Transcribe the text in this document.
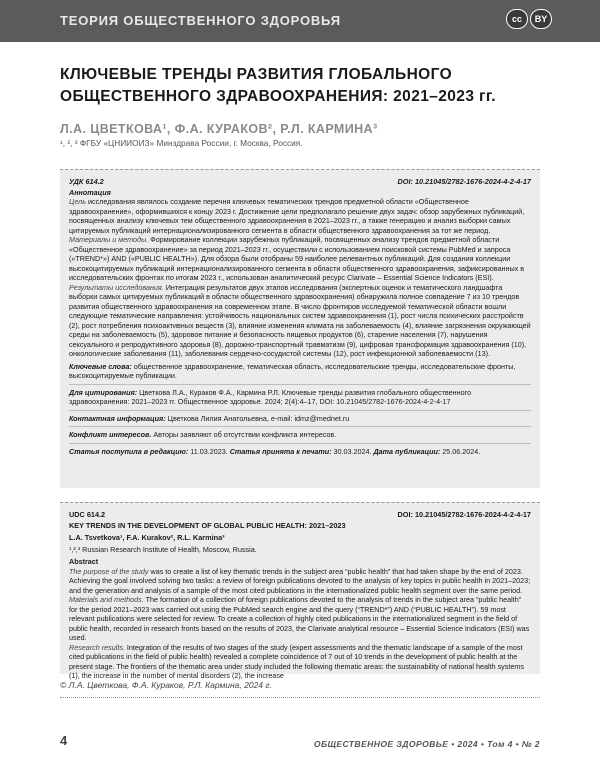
ТЕОРИЯ ОБЩЕСТВЕННОГО ЗДОРОВЬЯ	cc	BY
КЛЮЧЕВЫЕ ТРЕНДЫ РАЗВИТИЯ ГЛОБАЛЬНОГО
ОБЩЕСТВЕННОГО ЗДРАВООХРАНЕНИЯ: 2021–2023 гг.
Л.А. ЦВЕТКОВА¹, Ф.А. КУРАКОВ², Р.Л. КАРМИНА³
¹, ², ³ ФГБУ «ЦНИИОИЗ» Минздрава России, г. Москва, Россия.
УДК 614.2	DOI: 10.21045/2782-1676-2024-4-2-4-17
Аннотация
Цель исследования являлось создание перечня ключевых тематических трендов предметной области «Общественное здравоохранение», оформившихся к концу 2023 г. Достижение цели предполагало решение двух задач: обзор зарубежных публикаций, посвященных анализу ключевых тем общественного здравоохранения в 2021–2023 гг., а также генерацию и анализ выборки самых цитируемых публикаций интернационализированного сегмента в области общественного здравоохранения за тот же период.
Материалы и методы. Формирование коллекции зарубежных публикаций, посвященных анализу трендов предметной области «Общественное здравоохранение» за период 2021–2023 гг., осуществили с использованием поисковой системы PubMed и запроса («TREND*») AND («PUBLIC HEALTH»). Для обзора были отобраны 59 наиболее релевантных публикаций. Для создания коллекции высокоцитируемых публикаций интернационализированного сегмента в области общественного здравоохранения, зафиксированных в исследовательских фронтах по итогам 2023 г., использован аналитический ресурс Clarivate – Essential Science Indicators (ESI).
Результаты исследования. Интеграция результатов двух этапов исследования (экспертных оценок и тематического ландшафта выборки самых цитируемых публикаций в области общественного здравоохранения) обнаружила полное совпадение 7 из 10 трендов развития общественного здравоохранения на современном этапе. В число фронтиров исследуемой тематической области вошли следующие тематические направления: устойчивость национальных систем здравоохранения (1), рост числа психических расстройств (2), рост потребления психоактивных веществ (3), влияние изменения климата на заболеваемость (4), влияние загрязнения окружающей среды на заболеваемость (5), здоровое питание и безопасность пищевых продуктов (6), старение населения (7), нарушения сексуального и репродуктивного здоровья (8), дорожно-транспортный травматизм (9), цифровая трансформация здравоохранения (10), онкологические заболевания (11), заболевания сердечно-сосудистой системы (12), рост инфекционной заболеваемости (13).
Ключевые слова: общественное здравоохранение, тематическая область, исследовательские тренды, исследовательские фронты, высокоцитируемые публикации.
Для цитирования: Цветкова Л.А., Кураков Ф.А., Кармина Р.Л. Ключевые тренды развития глобального общественного здравоохранения: 2021–2023 гг. Общественное здоровье. 2024; 2(4):4–17, DOI: 10.21045/2782-1676-2024-4-2-4-17
Контактная информация: Цветкова Лилия Анатольевна, e-mail: idmz@mednet.ru
Конфликт интересов. Авторы заявляют об отсутствии конфликта интересов.
Статья поступила в редакцию: 11.03.2023. Статья принята к печати: 30.03.2024. Дата публикации: 25.06.2024.
UDC 614.2	DOI: 10.21045/2782-1676-2024-4-2-4-17
KEY TRENDS IN THE DEVELOPMENT OF GLOBAL PUBLIC HEALTH: 2021–2023
L.A. Tsvetkova¹, F.A. Kurakov², R.L. Karmina³
¹,²,³ Russian Research Institute of Health, Moscow, Russia.
Abstract
The purpose of the study was to create a list of key thematic trends in the subject area “public health” that had taken shape by the end of 2023. Achieving the goal involved solving two tasks: a review of foreign publications devoted to the analysis of key topics in public health in 2021–2023; and the generation and analysis of a sample of the most cited publications in the internationalized public health segment over the same period.
Materials and methods. The formation of a collection of foreign publications devoted to the analysis of trends in the subject area “public health” for the period 2021–2023 was carried out using the PubMed search engine and the query (“TREND*”) AND (“PUBLIC HEALTH”). 59 most relevant publications were selected for review. To create a collection of highly cited publications in the internationalized segment in the field of public health, recorded in research fronts based on the results of 2023, the Clarivate analytical resource – Essential Science Indicators (ESI) was used.
Research results. Integration of the results of two stages of the study (expert assessments and the thematic landscape of a sample of the most cited publications in the field of public health) revealed a complete coincidence of 7 out of 10 trends in the development of public health at the present stage. The frontiers of the thematic area under study included the following thematic areas: the sustainability of national health systems (1), the increase in the number of mental disorders (2), the increase
© Л.А. Цветкова, Ф.А. Кураков, Р.Л. Кармина, 2024 г.
4	ОБЩЕСТВЕННОЕ ЗДОРОВЬЕ • 2024 • Том 4 • № 2
